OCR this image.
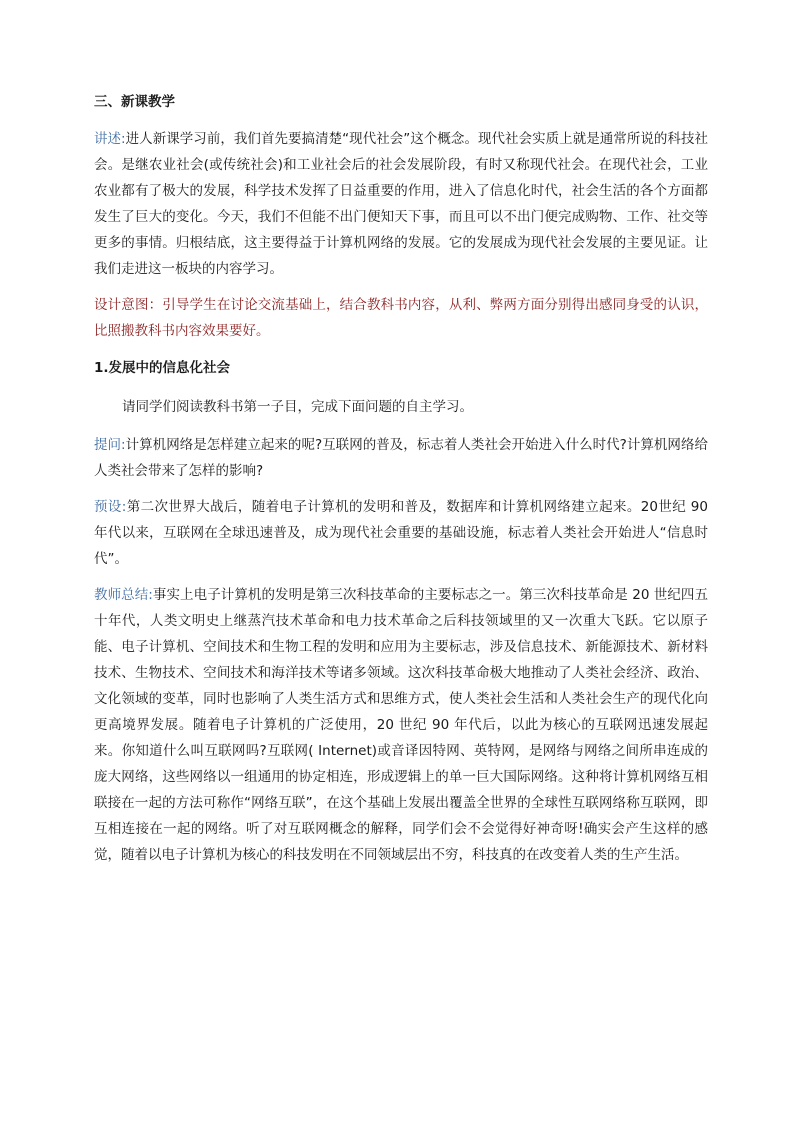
三、新课教学

讲述:进人新课学习前，我们首先要搞清楚“现代社会”这个概念。现代社会实质上就是通常所说的科技社会。是继农业社会(或传统社会)和工业社会后的社会发展阶段，有时又称现代社会。在现代社会，工业农业都有了极大的发展，科学技术发挥了日益重要的作用，进入了信息化时代，社会生活的各个方面都发生了巨大的变化。今天，我们不但能不出门便知天下事，而且可以不出门便完成购物、工作、社交等更多的事情。归根结底，这主要得益于计算机网络的发展。它的发展成为现代社会发展的主要见证。让我们走进这一板块的内容学习。

设计意图：引导学生在讨论交流基础上，结合教科书内容，从利、弊两方面分别得出感同身受的认识，比照搬教科书内容效果要好。

1.发展中的信息化社会

请同学们阅读教科书第一子目，完成下面问题的自主学习。

提问:计算机网络是怎样建立起来的呢?互联网的普及，标志着人类社会开始进入什么时代?计算机网络给人类社会带来了怎样的影响?

预设:第二次世界大战后，随着电子计算机的发明和普及，数据库和计算机网络建立起来。20世纪 90 年代以来，互联网在全球迅速普及，成为现代社会重要的基础设施，标志着人类社会开始进人“信息时代”。

教师总结:事实上电子计算机的发明是第三次科技革命的主要标志之一。第三次科技革命是 20 世纪四五十年代，人类文明史上继蒸汽技术革命和电力技术革命之后科技领域里的又一次重大飞跃。它以原子能、电子计算机、空间技术和生物工程的发明和应用为主要标志，涉及信息技术、新能源技术、新材料技术、生物技术、空间技术和海洋技术等诸多领域。这次科技革命极大地推动了人类社会经济、政治、文化领域的变革，同时也影响了人类生活方式和思维方式，使人类社会生活和人类社会生产的现代化向更高境界发展。随着电子计算机的广泛使用，20 世纪 90 年代后，以此为核心的互联网迅速发展起来。你知道什么叫互联网吗?互联网( Internet)或音译因特网、英特网，是网络与网络之间所串连成的庞大网络，这些网络以一组通用的协定相连，形成逻辑上的单一巨大国际网络。这种将计算机网络互相联接在一起的方法可称作“网络互联”，在这个基础上发展出覆盖全世界的全球性互联网络称互联网，即互相连接在一起的网络。听了对互联网概念的解释，同学们会不会觉得好神奇呀!确实会产生这样的感觉，随着以电子计算机为核心的科技发明在不同领域层出不穷，科技真的在改变着人类的生产生活。
